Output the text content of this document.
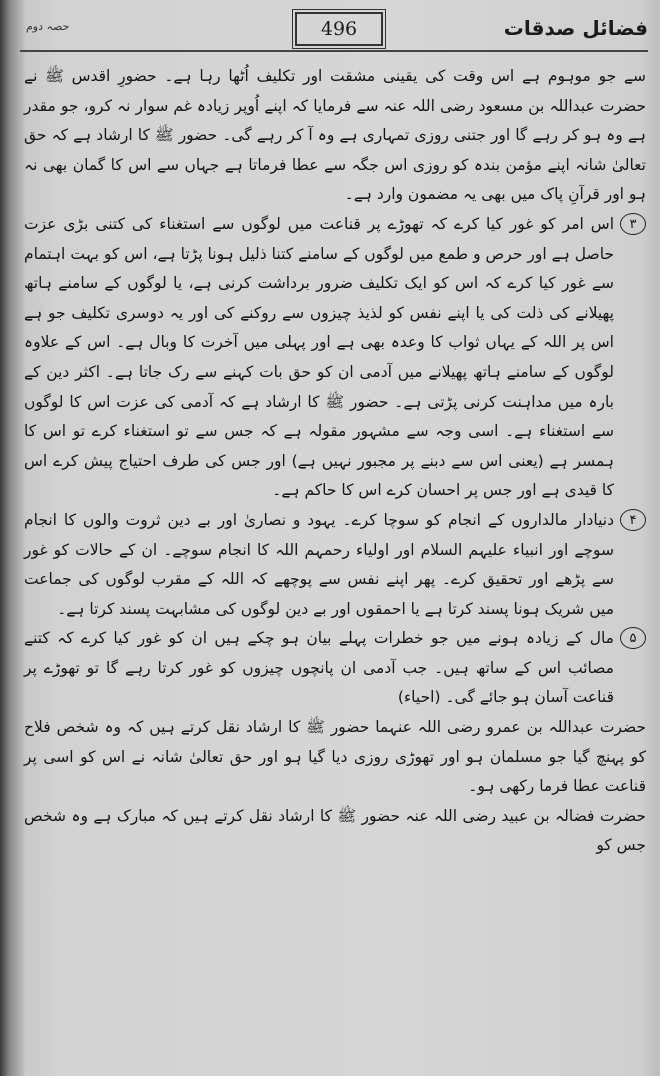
فضائل صدقات
496
حصہ دوم

سے جو موہوم ہے اس وقت کی یقینی مشقت اور تکلیف اُٹھا رہا ہے۔ حضورِ اقدس ﷺ نے حضرت عبداللہ بن مسعود رضی اللہ عنہ سے فرمایا کہ اپنے اُوپر زیادہ غم سوار نہ کرو، جو مقدر ہے وہ ہو کر رہے گا اور جتنی روزی تمہاری ہے وہ آ کر رہے گی۔ حضور ﷺ کا ارشاد ہے کہ حق تعالیٰ شانہ اپنے مؤمن بندہ کو روزی اس جگہ سے عطا فرماتا ہے جہاں سے اس کا گمان بھی نہ ہو اور قرآنِ پاک میں بھی یہ مضمون وارد ہے۔

۳

اس امر کو غور کیا کرے کہ تھوڑے پر قناعت میں لوگوں سے استغناء کی کتنی بڑی عزت حاصل ہے اور حرص و طمع میں لوگوں کے سامنے کتنا ذلیل ہونا پڑتا ہے، اس کو بہت اہتمام سے غور کیا کرے کہ اس کو ایک تکلیف ضرور برداشت کرنی ہے، یا لوگوں کے سامنے ہاتھ پھیلانے کی ذلت کی یا اپنے نفس کو لذیذ چیزوں سے روکنے کی اور یہ دوسری تکلیف جو ہے اس پر اللہ کے یہاں ثواب کا وعدہ بھی ہے اور پہلی میں آخرت کا وبال ہے۔ اس کے علاوہ لوگوں کے سامنے ہاتھ پھیلانے میں آدمی ان کو حق بات کہنے سے رک جاتا ہے۔ اکثر دین کے بارہ میں مداہنت کرنی پڑتی ہے۔ حضور ﷺ کا ارشاد ہے کہ آدمی کی عزت اس کا لوگوں سے استغناء ہے۔ اسی وجہ سے مشہور مقولہ ہے کہ جس سے تو استغناء کرے تو اس کا ہمسر ہے (یعنی اس سے دبنے پر مجبور نہیں ہے) اور جس کی طرف احتیاج پیش کرے اس کا قیدی ہے اور جس پر احسان کرے اس کا حاکم ہے۔

۴

دنیادار مالداروں کے انجام کو سوچا کرے۔ یہود و نصاریٰ اور بے دین ثروت والوں کا انجام سوچے اور انبیاء علیہم السلام اور اولیاء رحمہم اللہ کا انجام سوچے۔ ان کے حالات کو غور سے پڑھے اور تحقیق کرے۔ پھر اپنے نفس سے پوچھے کہ اللہ کے مقرب لوگوں کی جماعت میں شریک ہونا پسند کرتا ہے یا احمقوں اور بے دین لوگوں کی مشابہت پسند کرتا ہے۔

۵

مال کے زیادہ ہونے میں جو خطرات پہلے بیان ہو چکے ہیں ان کو غور کیا کرے کہ کتنے مصائب اس کے ساتھ ہیں۔ جب آدمی ان پانچوں چیزوں کو غور کرتا رہے گا تو تھوڑے پر قناعت آسان ہو جائے گی۔ (احیاء)

حضرت عبداللہ بن عمرو رضی اللہ عنہما حضور ﷺ کا ارشاد نقل کرتے ہیں کہ وہ شخص فلاح کو پہنچ گیا جو مسلمان ہو اور تھوڑی روزی دیا گیا ہو اور حق تعالیٰ شانہ نے اس کو اسی پر قناعت عطا فرما رکھی ہو۔

حضرت فضالہ بن عبید رضی اللہ عنہ حضور ﷺ کا ارشاد نقل کرتے ہیں کہ مبارک ہے وہ شخص جس کو
